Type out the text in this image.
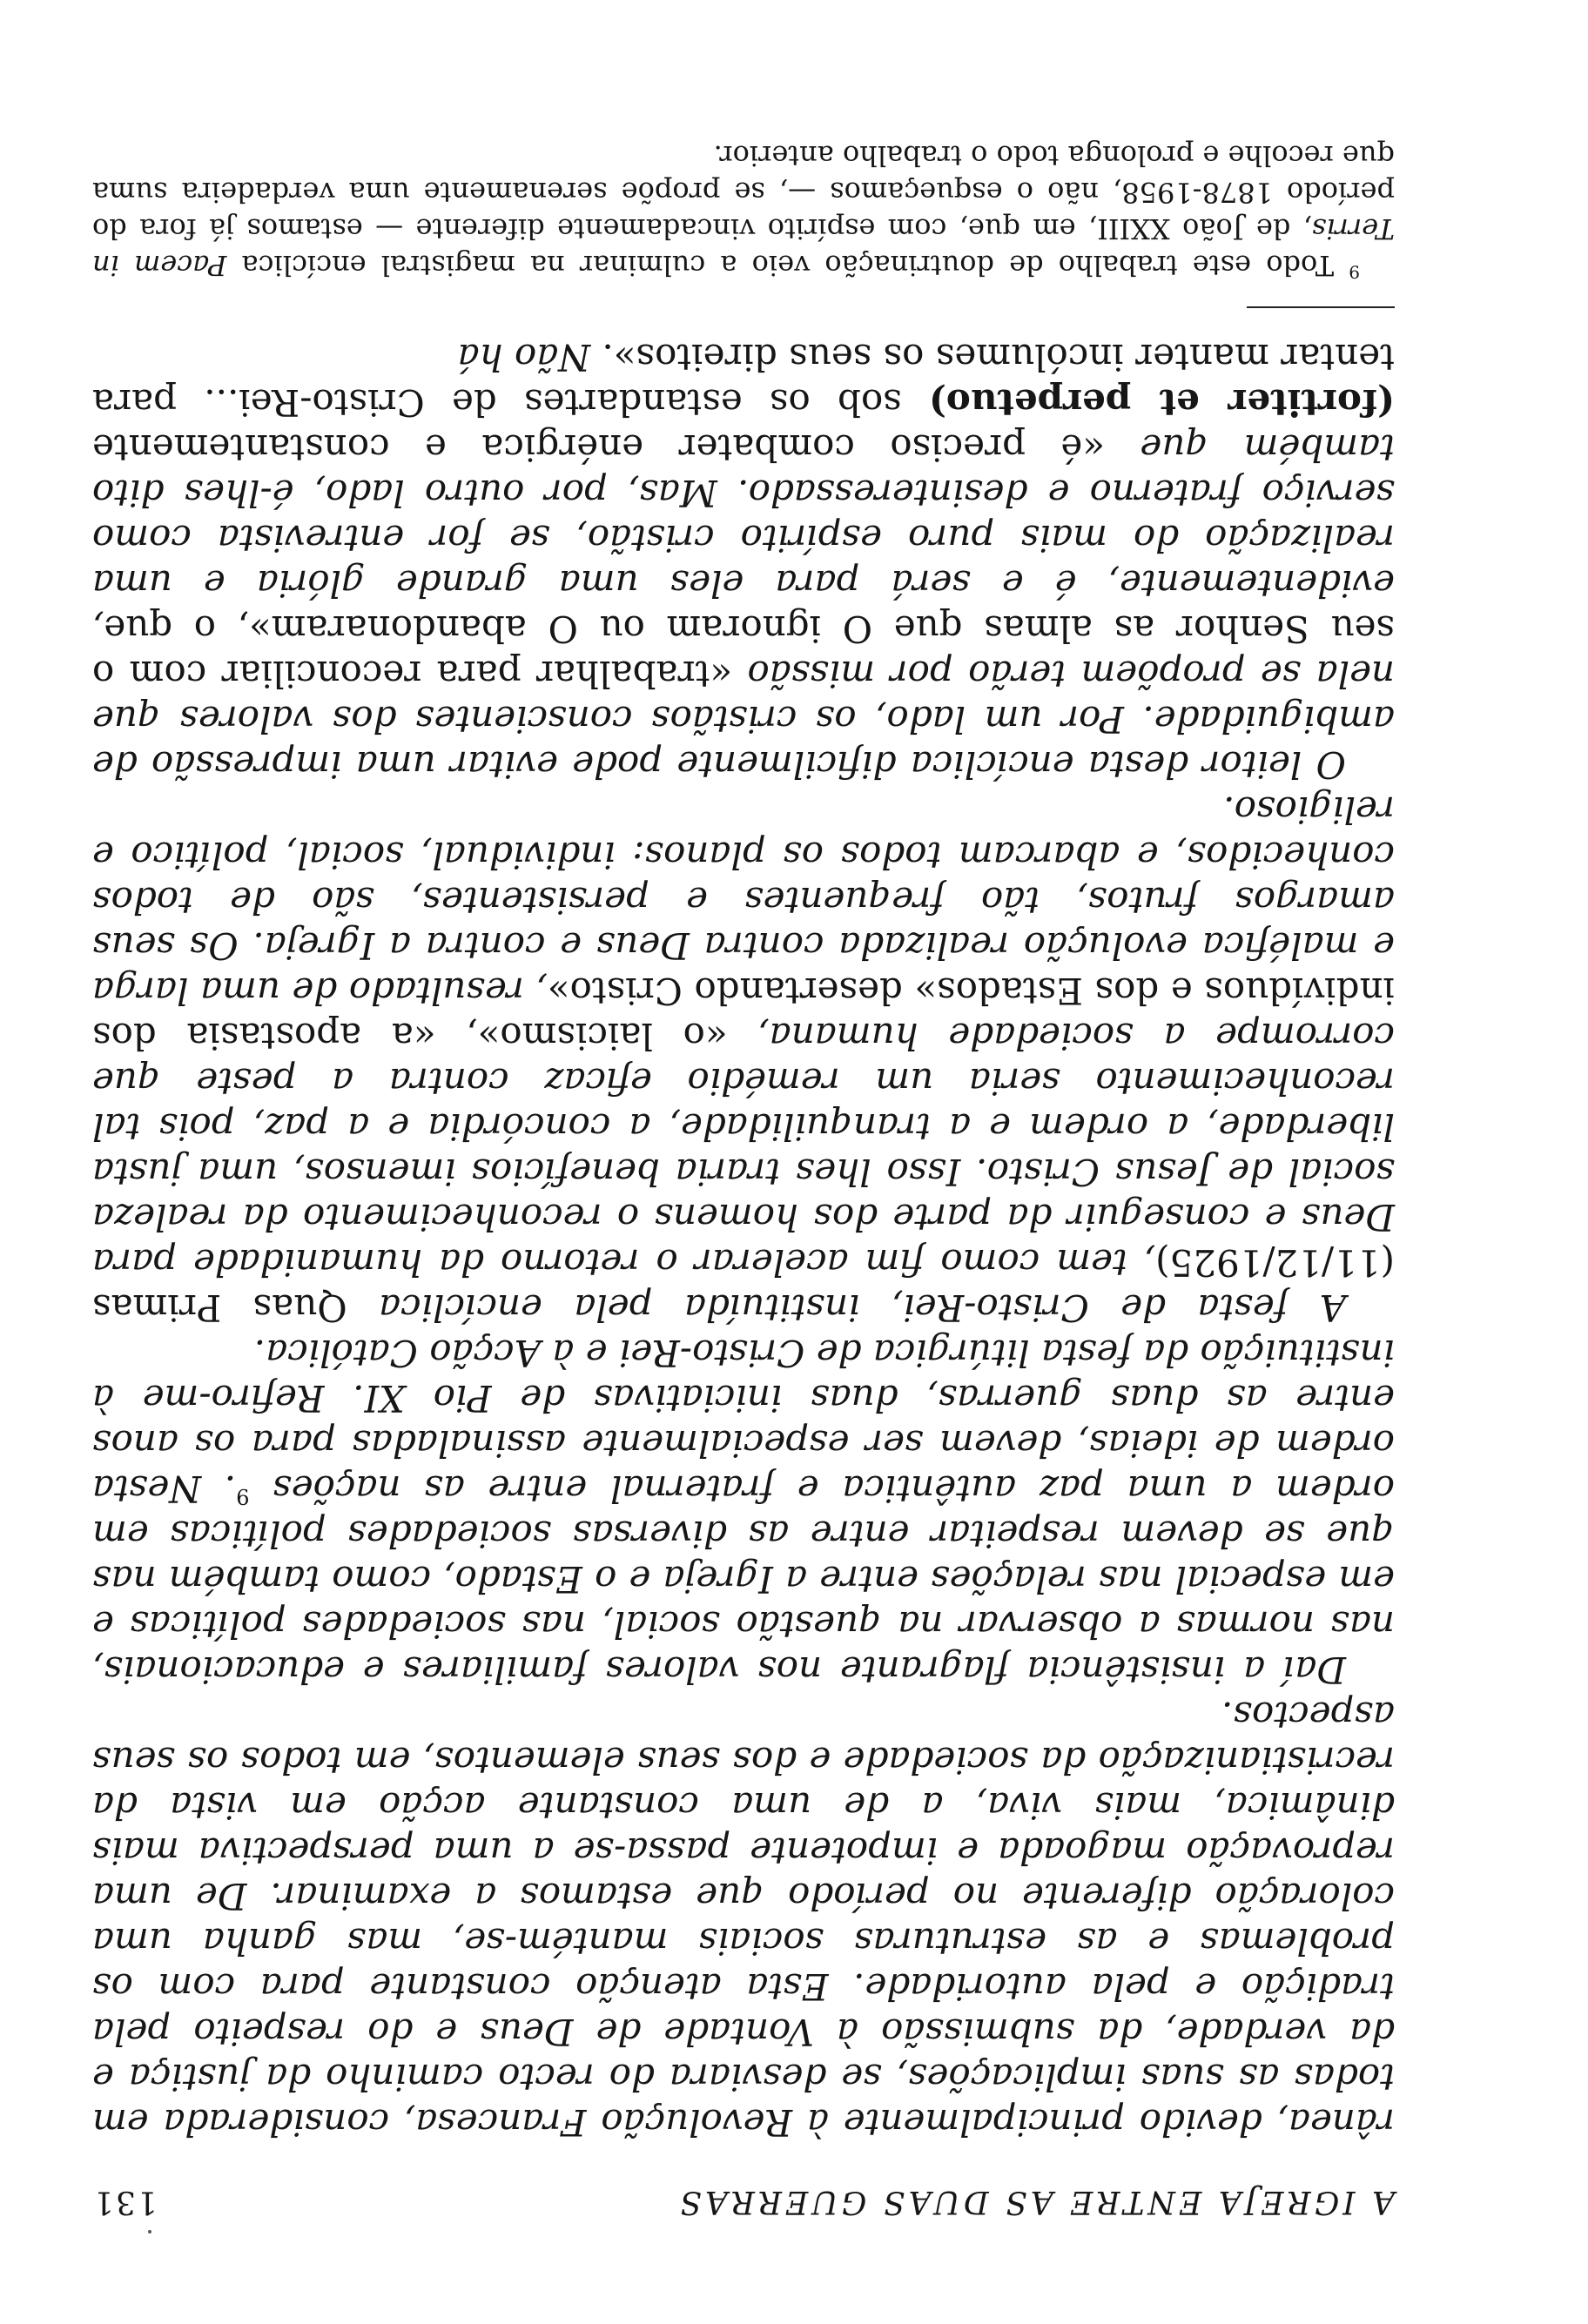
A IGREJA ENTRE AS DUAS GUERRAS
131

rânea, devido principalmente à Revolução Francesa, considerada em todas as suas implicações, se desviara do recto caminho da justiça e da verdade, da submissão à Vontade de Deus e do respeito pela tradição e pela autoridade. Esta atenção constante para com os problemas e as estruturas sociais mantém-se, mas ganha uma coloração diferente no período que estamos a examinar. De uma reprovação magoada e impotente passa-se a uma perspectiva mais dinâmica, mais viva, a de uma constante acção em vista da recristianização da sociedade e dos seus elementos, em todos os seus aspectos.

Daí a insistência flagrante nos valores familiares e educacionais, nas normas a observar na questão social, nas sociedades políticas e em especial nas relações entre a Igreja e o Estado, como também nas que se devem respeitar entre as diversas sociedades políticas em ordem a uma paz autêntica e fraternal entre as nações $^9$. Nesta ordem de ideias, devem ser especialmente assinaladas para os anos entre as duas guerras, duas iniciativas de Pio XI. Refiro-me à instituição da festa litúrgica de Cristo-Rei e à Acção Católica.

A festa de Cristo-Rei, instituída pela encíclica Quas Primas (11/12/1925), tem como fim acelerar o retorno da humanidade para Deus e conseguir da parte dos homens o reconhecimento da realeza social de Jesus Cristo. Isso lhes traria benefícios imensos, uma justa liberdade, a ordem e a tranquilidade, a concórdia e a paz, pois tal reconhecimento seria um remédio eficaz contra a peste que corrompe a sociedade humana, «o laicismo», «a apostasia dos indivíduos e dos Estados» desertando Cristo», resultado de uma larga e maléfica evolução realizada contra Deus e contra a Igreja. Os seus amargos frutos, tão frequentes e persistentes, são de todos conhecidos, e abarcam todos os planos: individual, social, político e religioso.

O leitor desta encíclica dificilmente pode evitar uma impressão de ambiguidade. Por um lado, os cristãos conscientes dos valores que nela se propõem terão por missão «trabalhar para reconciliar com o seu Senhor as almas que O ignoram ou O abandonaram», o que, evidentemente, é e será para eles uma grande glória e uma realização do mais puro espírito cristão, se for entrevista como serviço fraterno e desinteressado. Mas, por outro lado, é-lhes dito também que «é preciso combater enérgica e constantemente (fortiter et perpetuo) sob os estandartes de Cristo-Rei... para tentar manter incólumes os seus direitos». Não há

$^9$ Todo este trabalho de doutrinação veio a culminar na magistral encíclica Pacem in Terris, de João XXIII, em que, com espírito vincadamente diferente — estamos já fora do período 1878-1958, não o esqueçamos —, se propõe serenamente uma verdadeira suma que recolhe e prolonga todo o trabalho anterior.
